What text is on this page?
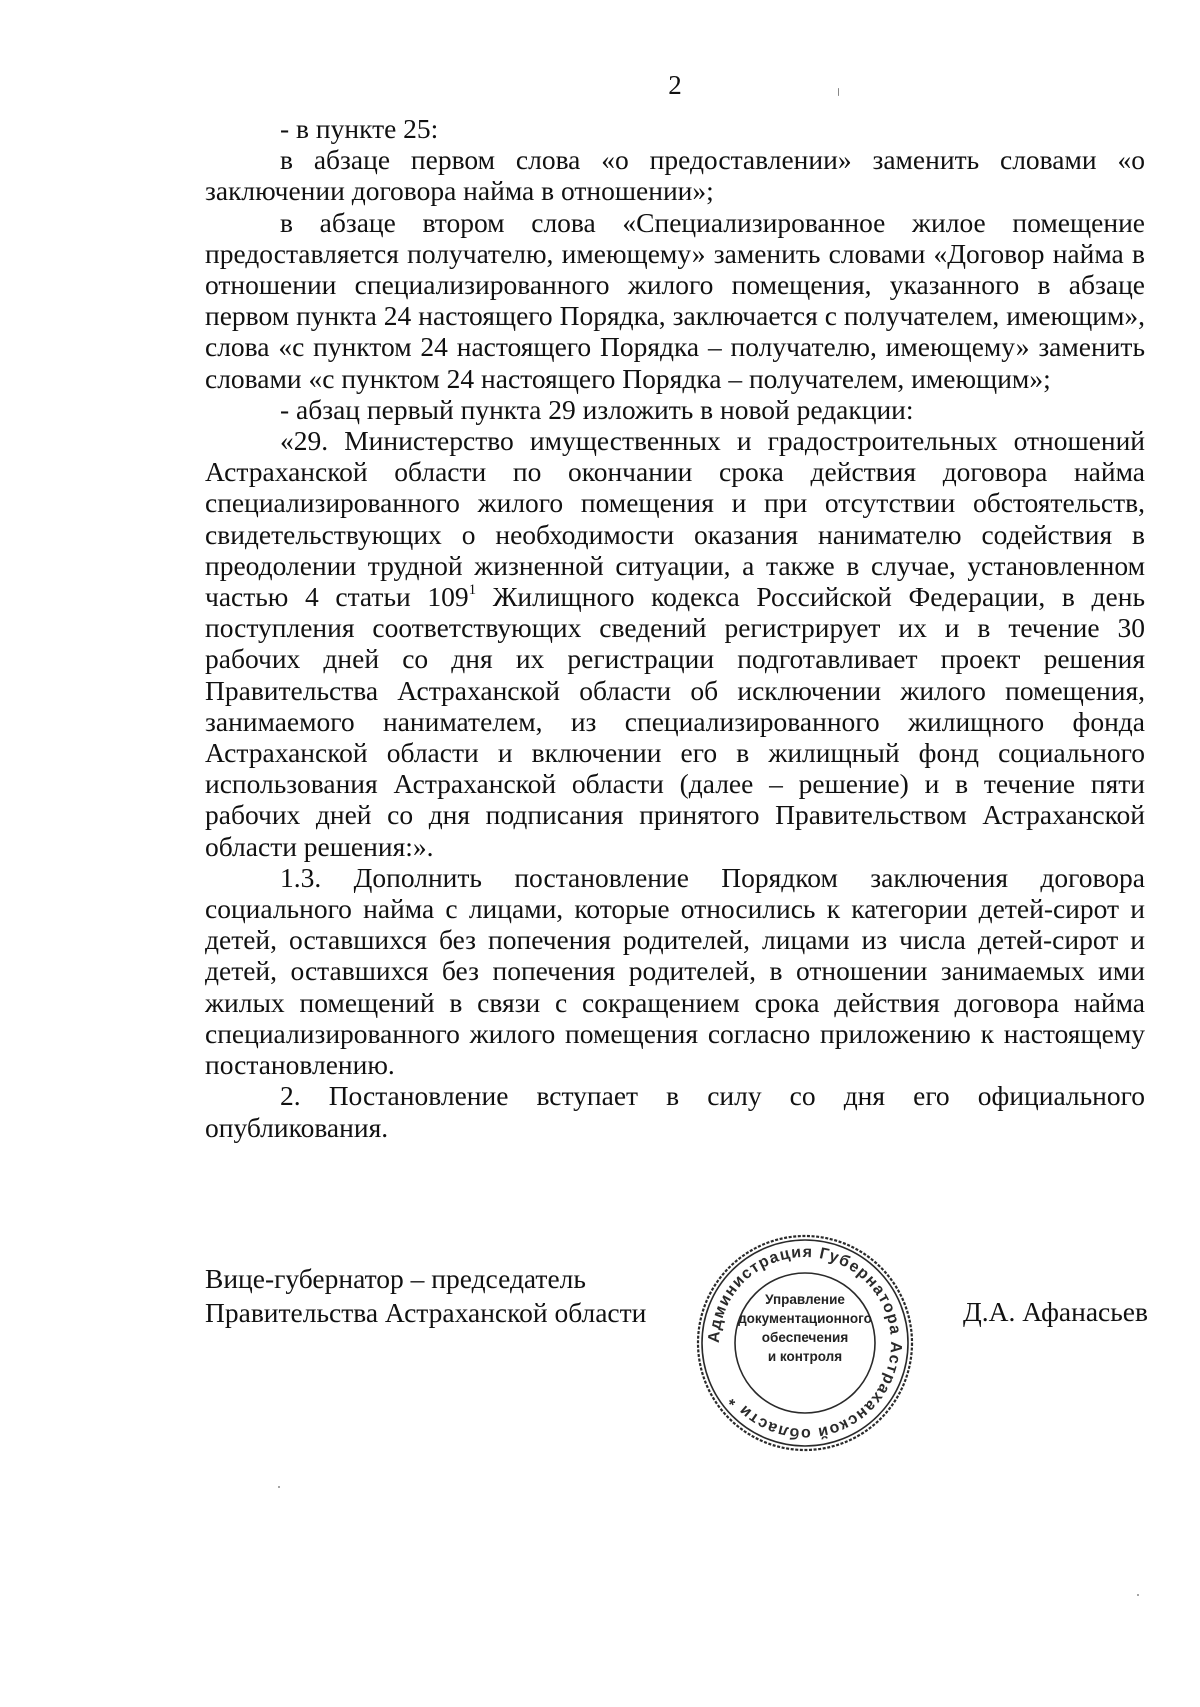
2

- в пункте 25:

в абзаце первом слова «о предоставлении» заменить словами «о заключении договора найма в отношении»;

в абзаце втором слова «Специализированное жилое помещение предоставляется получателю, имеющему» заменить словами «Договор найма в отношении специализированного жилого помещения, указанного в абзаце первом пункта 24 настоящего Порядка, заключается с получателем, имеющим», слова «с пунктом 24 настоящего Порядка – получателю, имеющему» заменить словами «с пунктом 24 настоящего Порядка – получателем, имеющим»;

- абзац первый пункта 29 изложить в новой редакции:

«29. Министерство имущественных и градостроительных отношений Астраханской области по окончании срока действия договора найма специализированного жилого помещения и при отсутствии обстоятельств, свидетельствующих о необходимости оказания нанимателю содействия в преодолении трудной жизненной ситуации, а также в случае, установленном частью 4 статьи $109^1$ Жилищного кодекса Российской Федерации, в день поступления соответствующих сведений регистрирует их и в течение 30 рабочих дней со дня их регистрации подготавливает проект решения Правительства Астраханской области об исключении жилого помещения, занимаемого нанимателем, из специализированного жилищного фонда Астраханской области и включении его в жилищный фонд социального использования Астраханской области (далее – решение) и в течение пяти рабочих дней со дня подписания принятого Правительством Астраханской области решения:».

1.3. Дополнить постановление Порядком заключения договора социального найма с лицами, которые относились к категории детей-сирот и детей, оставшихся без попечения родителей, лицами из числа детей-сирот и детей, оставшихся без попечения родителей, в отношении занимаемых ими жилых помещений в связи с сокращением срока действия договора найма специализированного жилого помещения согласно приложению к настоящему постановлению.

2. Постановление вступает в силу со дня его официального опубликования.

Вице-губернатор – председатель
Правительства Астраханской области
Администрация Губернатора Астраханской области *
Управление
документационного
обеспечения
и контроля
Д.А. Афанасьев
